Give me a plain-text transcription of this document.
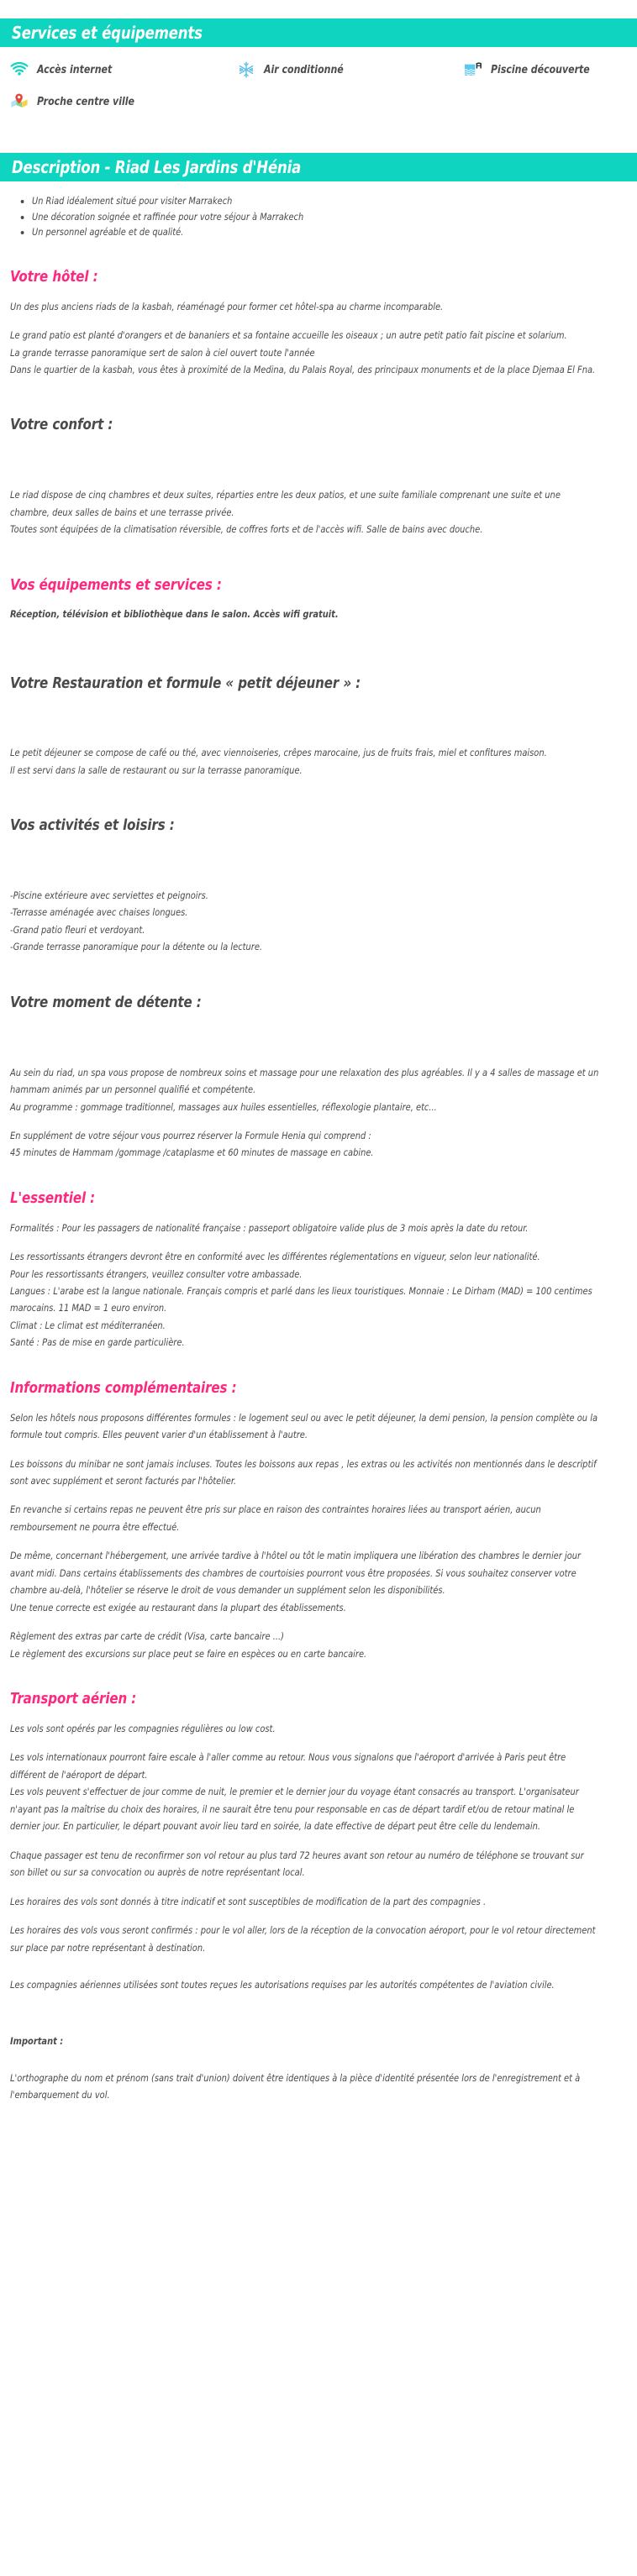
Services et équipements
Accès internet	Air conditionné	Piscine découverte
Proche centre ville
Description - Riad Les Jardins d'Hénia
• Un Riad idéalement situé pour visiter Marrakech
• Une décoration soignée et raffinée pour votre séjour à Marrakech
• Un personnel agréable et de qualité.
Votre hôtel :

Un des plus anciens riads de la kasbah, réaménagé pour former cet hôtel-spa au charme incomparable.

Le grand patio est planté d'orangers et de bananiers et sa fontaine accueille les oiseaux ; un autre petit patio fait piscine et solarium.

La grande terrasse panoramique sert de salon à ciel ouvert toute l'année

Dans le quartier de la kasbah, vous êtes à proximité de la Medina, du Palais Royal, des principaux monuments et de la place Djemaa El Fna.

Votre confort :

Le riad dispose de cinq chambres et deux suites, réparties entre les deux patios, et une suite familiale comprenant une suite et une chambre, deux salles de bains et une terrasse privée.

Toutes sont équipées de la climatisation réversible, de coffres forts et de l'accès wifi. Salle de bains avec douche.

Vos équipements et services :

Réception, télévision et bibliothèque dans le salon. Accès wifi gratuit.

Votre Restauration et formule « petit déjeuner » :

Le petit déjeuner se compose de café ou thé, avec viennoiseries, crêpes marocaine, jus de fruits frais, miel et confitures maison.

Il est servi dans la salle de restaurant ou sur la terrasse panoramique.

Vos activités et loisirs :

-Piscine extérieure avec serviettes et peignoirs.

-Terrasse aménagée avec chaises longues.

-Grand patio fleuri et verdoyant.

-Grande terrasse panoramique pour la détente ou la lecture.

Votre moment de détente :

Au sein du riad, un spa vous propose de nombreux soins et massage pour une relaxation des plus agréables. Il y a 4 salles de massage et un hammam animés par un personnel qualifié et compétente.

Au programme : gommage traditionnel, massages aux huiles essentielles, réflexologie plantaire, etc...

En supplément de votre séjour vous pourrez réserver la Formule Henia qui comprend :

45 minutes de Hammam /gommage /cataplasme et 60 minutes de massage en cabine.

L'essentiel :

Formalités : Pour les passagers de nationalité française : passeport obligatoire valide plus de 3 mois après la date du retour.

Les ressortissants étrangers devront être en conformité avec les différentes réglementations en vigueur, selon leur nationalité.

Pour les ressortissants étrangers, veuillez consulter votre ambassade.

Langues : L'arabe est la langue nationale. Français compris et parlé dans les lieux touristiques. Monnaie : Le Dirham (MAD) = 100 centimes marocains. 11 MAD = 1 euro environ.

Climat : Le climat est méditerranéen.

Santé : Pas de mise en garde particulière.

Informations complémentaires :

Selon les hôtels nous proposons différentes formules : le logement seul ou avec le petit déjeuner, la demi pension, la pension complète ou la formule tout compris. Elles peuvent varier d'un établissement à l'autre.

Les boissons du minibar ne sont jamais incluses. Toutes les boissons aux repas , les extras ou les activités non mentionnés dans le descriptif sont avec supplément et seront facturés par l'hôtelier.

En revanche si certains repas ne peuvent être pris sur place en raison des contraintes horaires liées au transport aérien, aucun remboursement ne pourra être effectué.

De même, concernant l'hébergement, une arrivée tardive à l'hôtel ou tôt le matin impliquera une libération des chambres le dernier jour avant midi. Dans certains établissements des chambres de courtoisies pourront vous être proposées. Si vous souhaitez conserver votre chambre au-delà, l'hôtelier se réserve le droit de vous demander un supplément selon les disponibilités.

Une tenue correcte est exigée au restaurant dans la plupart des établissements.

Règlement des extras par carte de crédit (Visa, carte bancaire ...)

Le règlement des excursions sur place peut se faire en espèces ou en carte bancaire.

Transport aérien :

Les vols sont opérés par les compagnies régulières ou low cost.

Les vols internationaux pourront faire escale à l'aller comme au retour. Nous vous signalons que l'aéroport d'arrivée à Paris peut être différent de l'aéroport de départ.

Les vols peuvent s'effectuer de jour comme de nuit, le premier et le dernier jour du voyage étant consacrés au transport. L'organisateur n'ayant pas la maîtrise du choix des horaires, il ne saurait être tenu pour responsable en cas de départ tardif et/ou de retour matinal le dernier jour. En particulier, le départ pouvant avoir lieu tard en soirée, la date effective de départ peut être celle du lendemain.

Chaque passager est tenu de reconfirmer son vol retour au plus tard 72 heures avant son retour au numéro de téléphone se trouvant sur son billet ou sur sa convocation ou auprès de notre représentant local.

Les horaires des vols sont donnés à titre indicatif et sont susceptibles de modification de la part des compagnies .

Les horaires des vols vous seront confirmés : pour le vol aller, lors de la réception de la convocation aéroport, pour le vol retour directement sur place par notre représentant à destination.

Les compagnies aériennes utilisées sont toutes reçues les autorisations requises par les autorités compétentes de l'aviation civile.

Important :

L'orthographe du nom et prénom (sans trait d'union) doivent être identiques à la pièce d'identité présentée lors de l'enregistrement et à l'embarquement du vol.
